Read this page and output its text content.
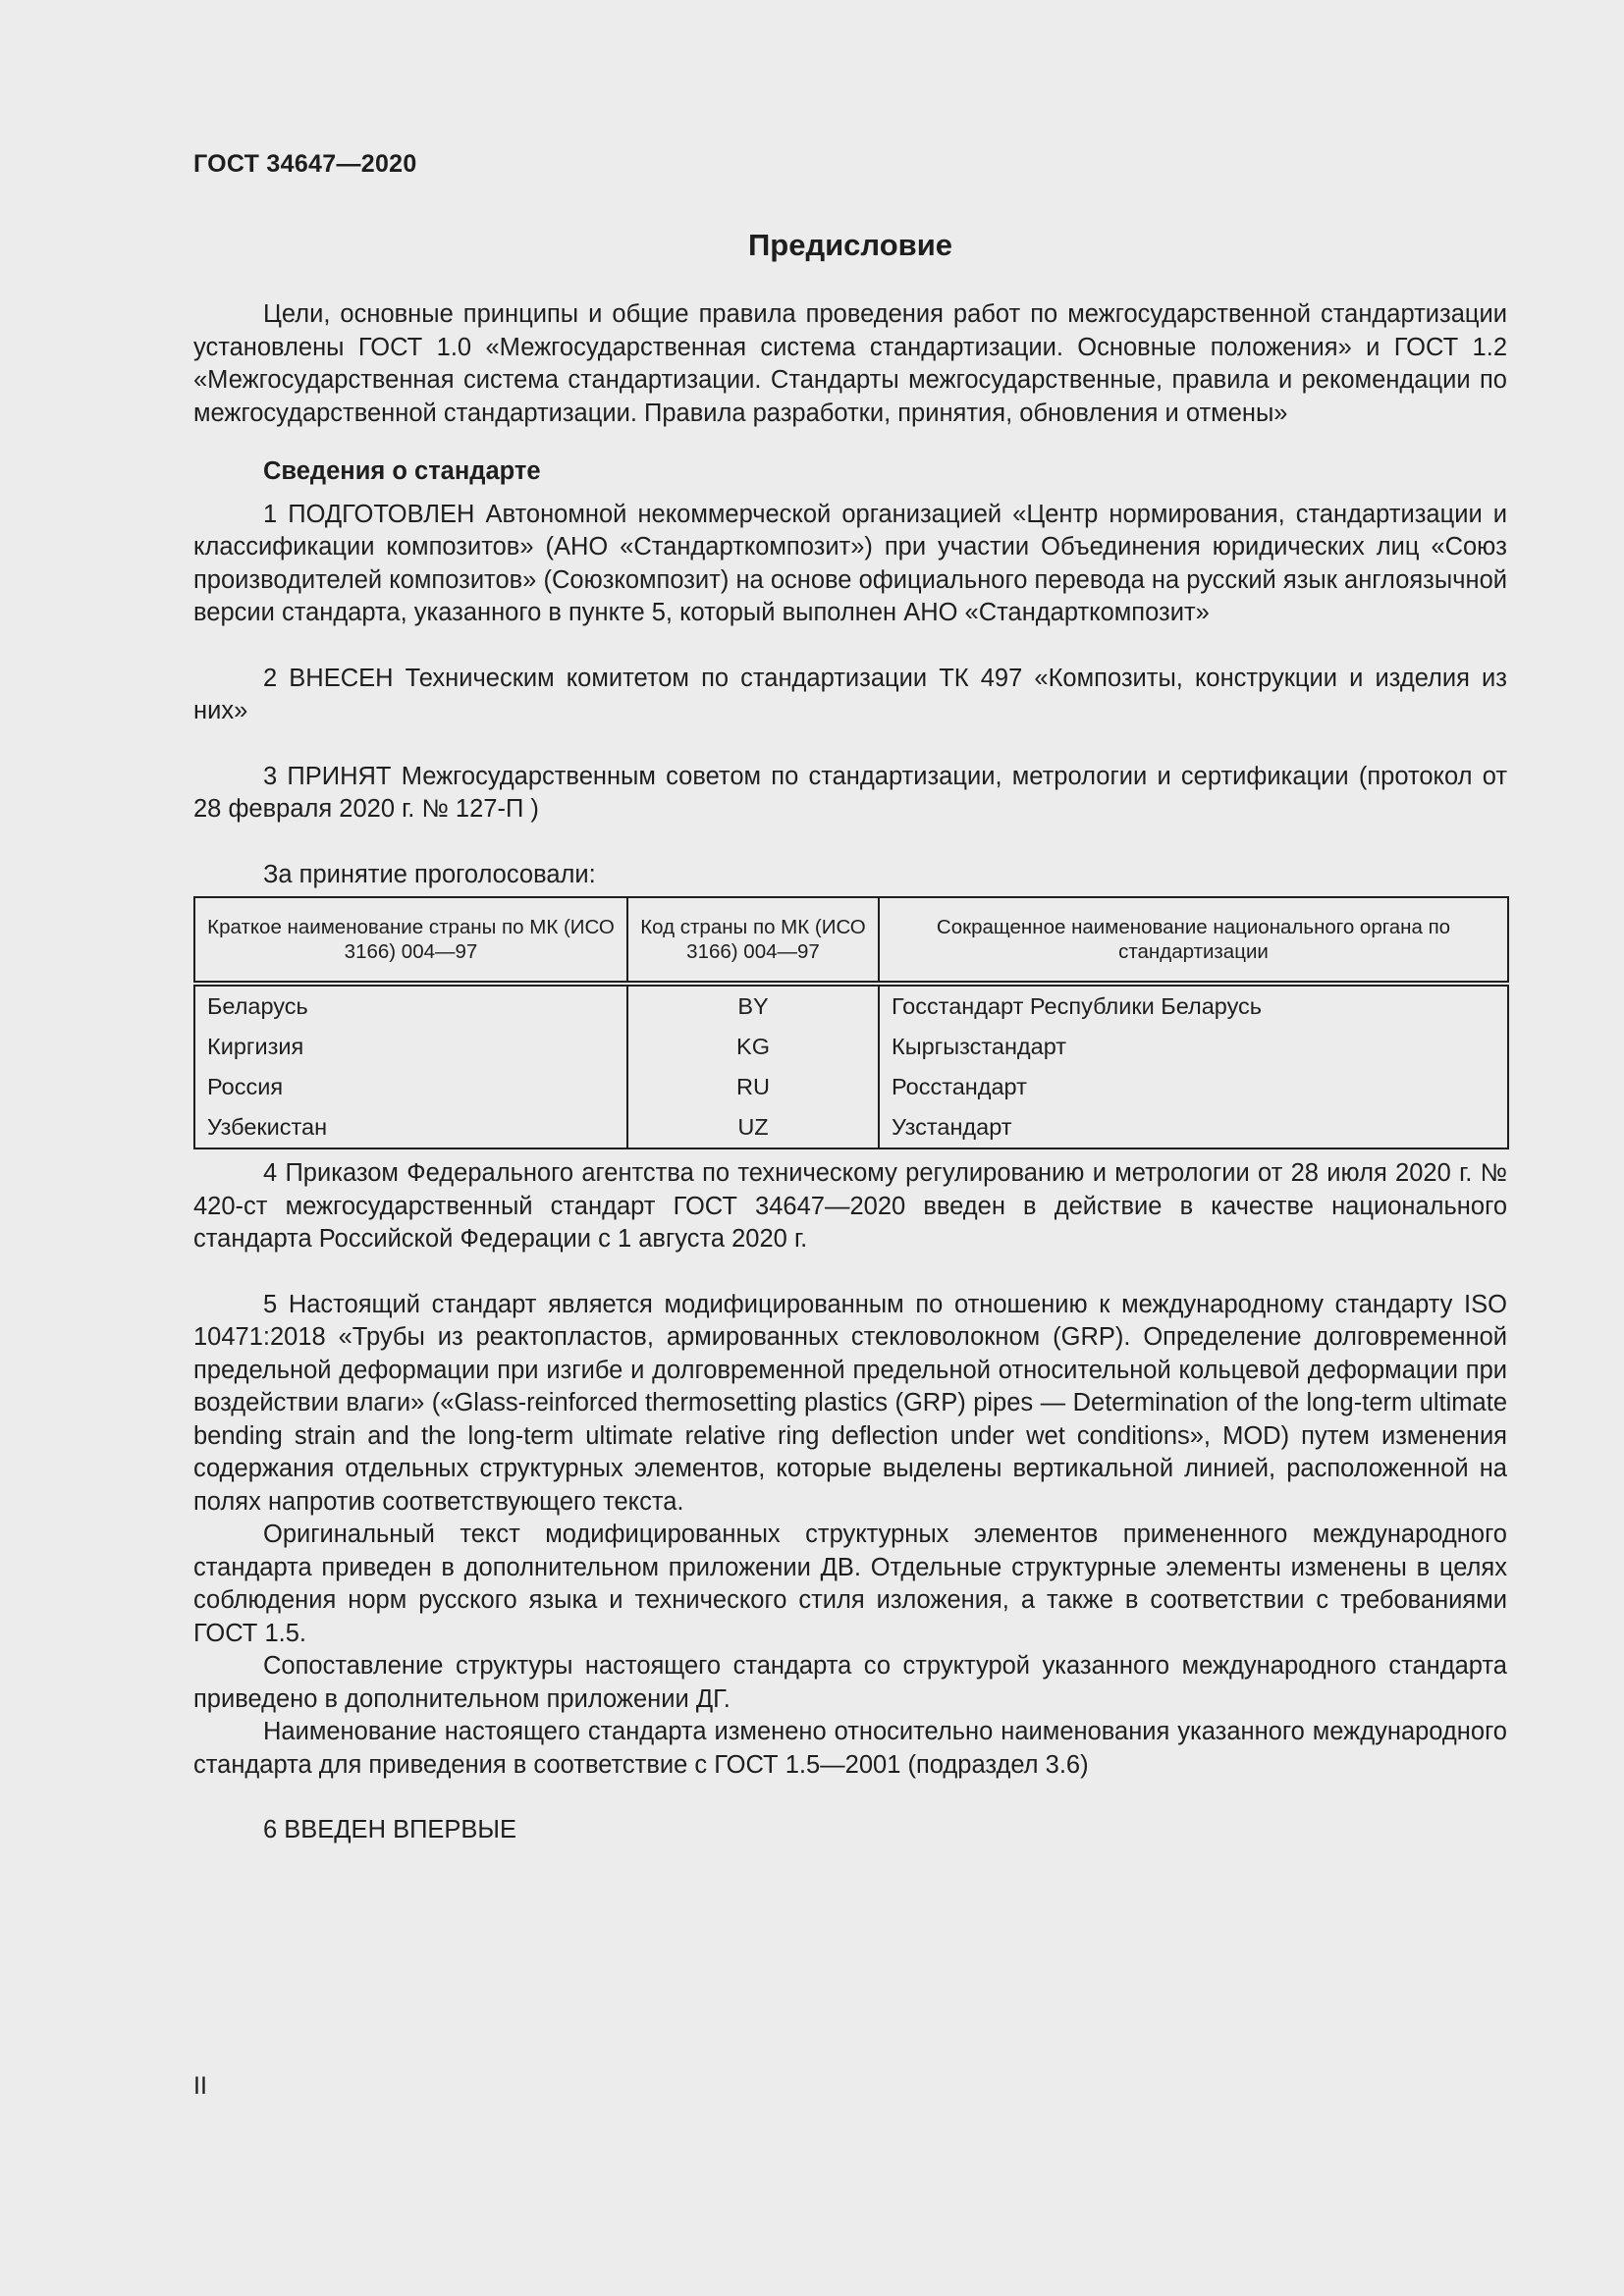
ГОСТ 34647—2020
Предисловие

Цели, основные принципы и общие правила проведения работ по межгосударственной стандартизации установлены ГОСТ 1.0 «Межгосударственная система стандартизации. Основные положения» и ГОСТ 1.2 «Межгосударственная система стандартизации. Стандарты межгосударственные, правила и рекомендации по межгосударственной стандартизации. Правила разработки, принятия, обновления и отмены»

Сведения о стандарте

1 ПОДГОТОВЛЕН Автономной некоммерческой организацией «Центр нормирования, стандартизации и классификации композитов» (АНО «Стандарткомпозит») при участии Объединения юридических лиц «Союз производителей композитов» (Союзкомпозит) на основе официального перевода на русский язык англоязычной версии стандарта, указанного в пункте 5, который выполнен АНО «Стандарткомпозит»

2 ВНЕСЕН Техническим комитетом по стандартизации ТК 497 «Композиты, конструкции и изделия из них»

3 ПРИНЯТ Межгосударственным советом по стандартизации, метрологии и сертификации (протокол от 28 февраля 2020 г. № 127-П )

За принятие проголосовали:

Краткое наименование страны по МК (ИСО 3166) 004—97	Код страны по МК (ИСО 3166) 004—97	Сокращенное наименование национального органа по стандартизации
Беларусь	BY	Госстандарт Республики Беларусь
Киргизия	KG	Кыргызстандарт
Россия	RU	Росстандарт
Узбекистан	UZ	Узстандарт

4 Приказом Федерального агентства по техническому регулированию и метрологии от 28 июля 2020 г. № 420-ст межгосударственный стандарт ГОСТ 34647—2020 введен в действие в качестве национального стандарта Российской Федерации с 1 августа 2020 г.

5 Настоящий стандарт является модифицированным по отношению к международному стандарту ISO 10471:2018 «Трубы из реактопластов, армированных стекловолокном (GRP). Определение долговременной предельной деформации при изгибе и долговременной предельной относительной кольцевой деформации при воздействии влаги» («Glass-reinforced thermosetting plastics (GRP) pipes — Determination of the long-term ultimate bending strain and the long-term ultimate relative ring deflection under wet conditions», MOD) путем изменения содержания отдельных структурных элементов, которые выделены вертикальной линией, расположенной на полях напротив соответствующего текста.

Оригинальный текст модифицированных структурных элементов примененного международного стандарта приведен в дополнительном приложении ДВ. Отдельные структурные элементы изменены в целях соблюдения норм русского языка и технического стиля изложения, а также в соответствии с требованиями ГОСТ 1.5.

Сопоставление структуры настоящего стандарта со структурой указанного международного стандарта приведено в дополнительном приложении ДГ.

Наименование настоящего стандарта изменено относительно наименования указанного международного стандарта для приведения в соответствие с ГОСТ 1.5—2001 (подраздел 3.6)

6 ВВЕДЕН ВПЕРВЫЕ

II
